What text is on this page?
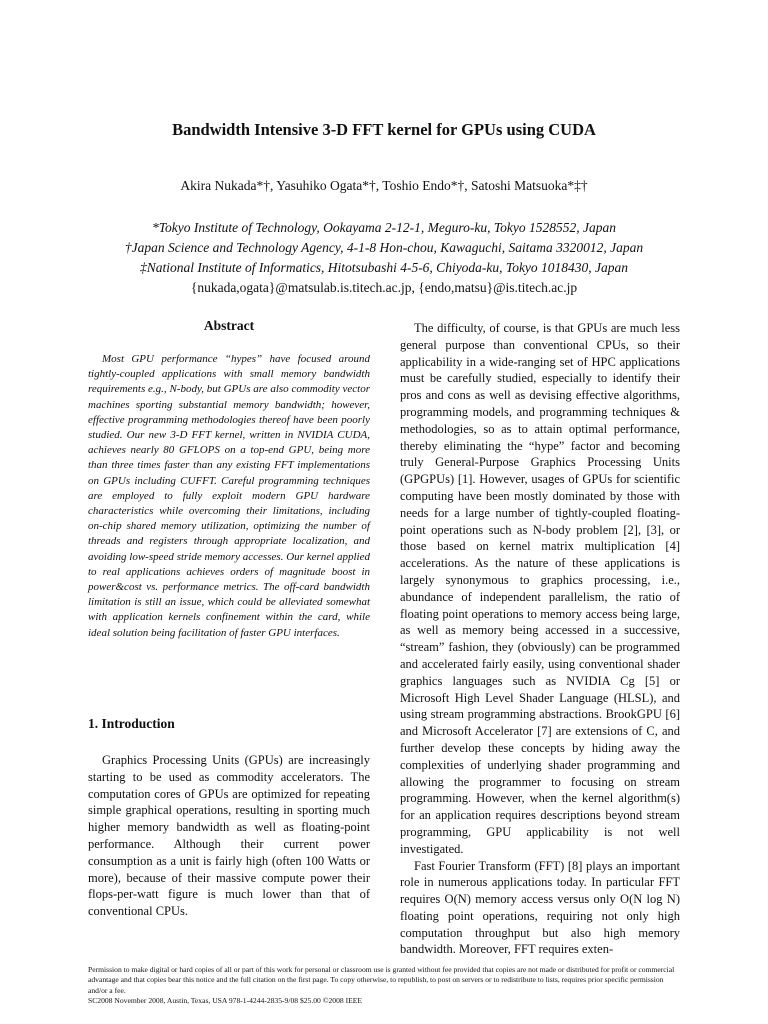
Bandwidth Intensive 3-D FFT kernel for GPUs using CUDA
Akira Nukada*†, Yasuhiko Ogata*†, Toshio Endo*†, Satoshi Matsuoka*‡†
*Tokyo Institute of Technology, Ookayama 2-12-1, Meguro-ku, Tokyo 1528552, Japan
†Japan Science and Technology Agency, 4-1-8 Hon-chou, Kawaguchi, Saitama 3320012, Japan
‡National Institute of Informatics, Hitotsubashi 4-5-6, Chiyoda-ku, Tokyo 1018430, Japan
{nukada,ogata}@matsulab.is.titech.ac.jp, {endo,matsu}@is.titech.ac.jp
Abstract

Most GPU performance “hypes” have focused around tightly-coupled applications with small memory bandwidth requirements e.g., N-body, but GPUs are also commodity vector machines sporting substantial memory bandwidth; however, effective programming methodologies thereof have been poorly studied. Our new 3-D FFT kernel, written in NVIDIA CUDA, achieves nearly 80 GFLOPS on a top-end GPU, being more than three times faster than any existing FFT implementations on GPUs including CUFFT. Careful programming techniques are employed to fully exploit modern GPU hardware characteristics while overcoming their limitations, including on-chip shared memory utilization, optimizing the number of threads and registers through appropriate localization, and avoiding low-speed stride memory accesses. Our kernel applied to real applications achieves orders of magnitude boost in power&cost vs. performance metrics. The off-card bandwidth limitation is still an issue, which could be alleviated somewhat with application kernels confinement within the card, while ideal solution being facilitation of faster GPU interfaces.

1. Introduction

Graphics Processing Units (GPUs) are increasingly starting to be used as commodity accelerators. The computation cores of GPUs are optimized for repeating simple graphical operations, resulting in sporting much higher memory bandwidth as well as floating-point performance. Although their current power consumption as a unit is fairly high (often 100 Watts or more), because of their massive compute power their flops-per-watt figure is much lower than that of conventional CPUs.

The difficulty, of course, is that GPUs are much less general purpose than conventional CPUs, so their applicability in a wide-ranging set of HPC applications must be carefully studied, especially to identify their pros and cons as well as devising effective algorithms, programming models, and programming techniques & methodologies, so as to attain optimal performance, thereby eliminating the “hype” factor and becoming truly General-Purpose Graphics Processing Units (GPGPUs) [1]. However, usages of GPUs for scientific computing have been mostly dominated by those with needs for a large number of tightly-coupled floating-point operations such as N-body problem [2], [3], or those based on kernel matrix multiplication [4] accelerations. As the nature of these applications is largely synonymous to graphics processing, i.e., abundance of independent parallelism, the ratio of floating point operations to memory access being large, as well as memory being accessed in a successive, “stream” fashion, they (obviously) can be programmed and accelerated fairly easily, using conventional shader graphics languages such as NVIDIA Cg [5] or Microsoft High Level Shader Language (HLSL), and using stream programming abstractions. BrookGPU [6] and Microsoft Accelerator [7] are extensions of C, and further develop these concepts by hiding away the complexities of underlying shader programming and allowing the programmer to focusing on stream programming. However, when the kernel algorithm(s) for an application requires descriptions beyond stream programming, GPU applicability is not well investigated.

Fast Fourier Transform (FFT) [8] plays an important role in numerous applications today. In particular FFT requires O(N) memory access versus only O(N log N) floating point operations, requiring not only high computation throughput but also high memory bandwidth. Moreover, FFT requires exten-

Permission to make digital or hard copies of all or part of this work for personal or classroom use is granted without fee provided that copies are not made or distributed for profit or commercial advantage and that copies bear this notice and the full citation on the first page. To copy otherwise, to republish, to post on servers or to redistribute to lists, requires prior specific permission and/or a fee.
SC2008 November 2008, Austin, Texas, USA 978-1-4244-2835-9/08 $25.00 ©2008 IEEE
